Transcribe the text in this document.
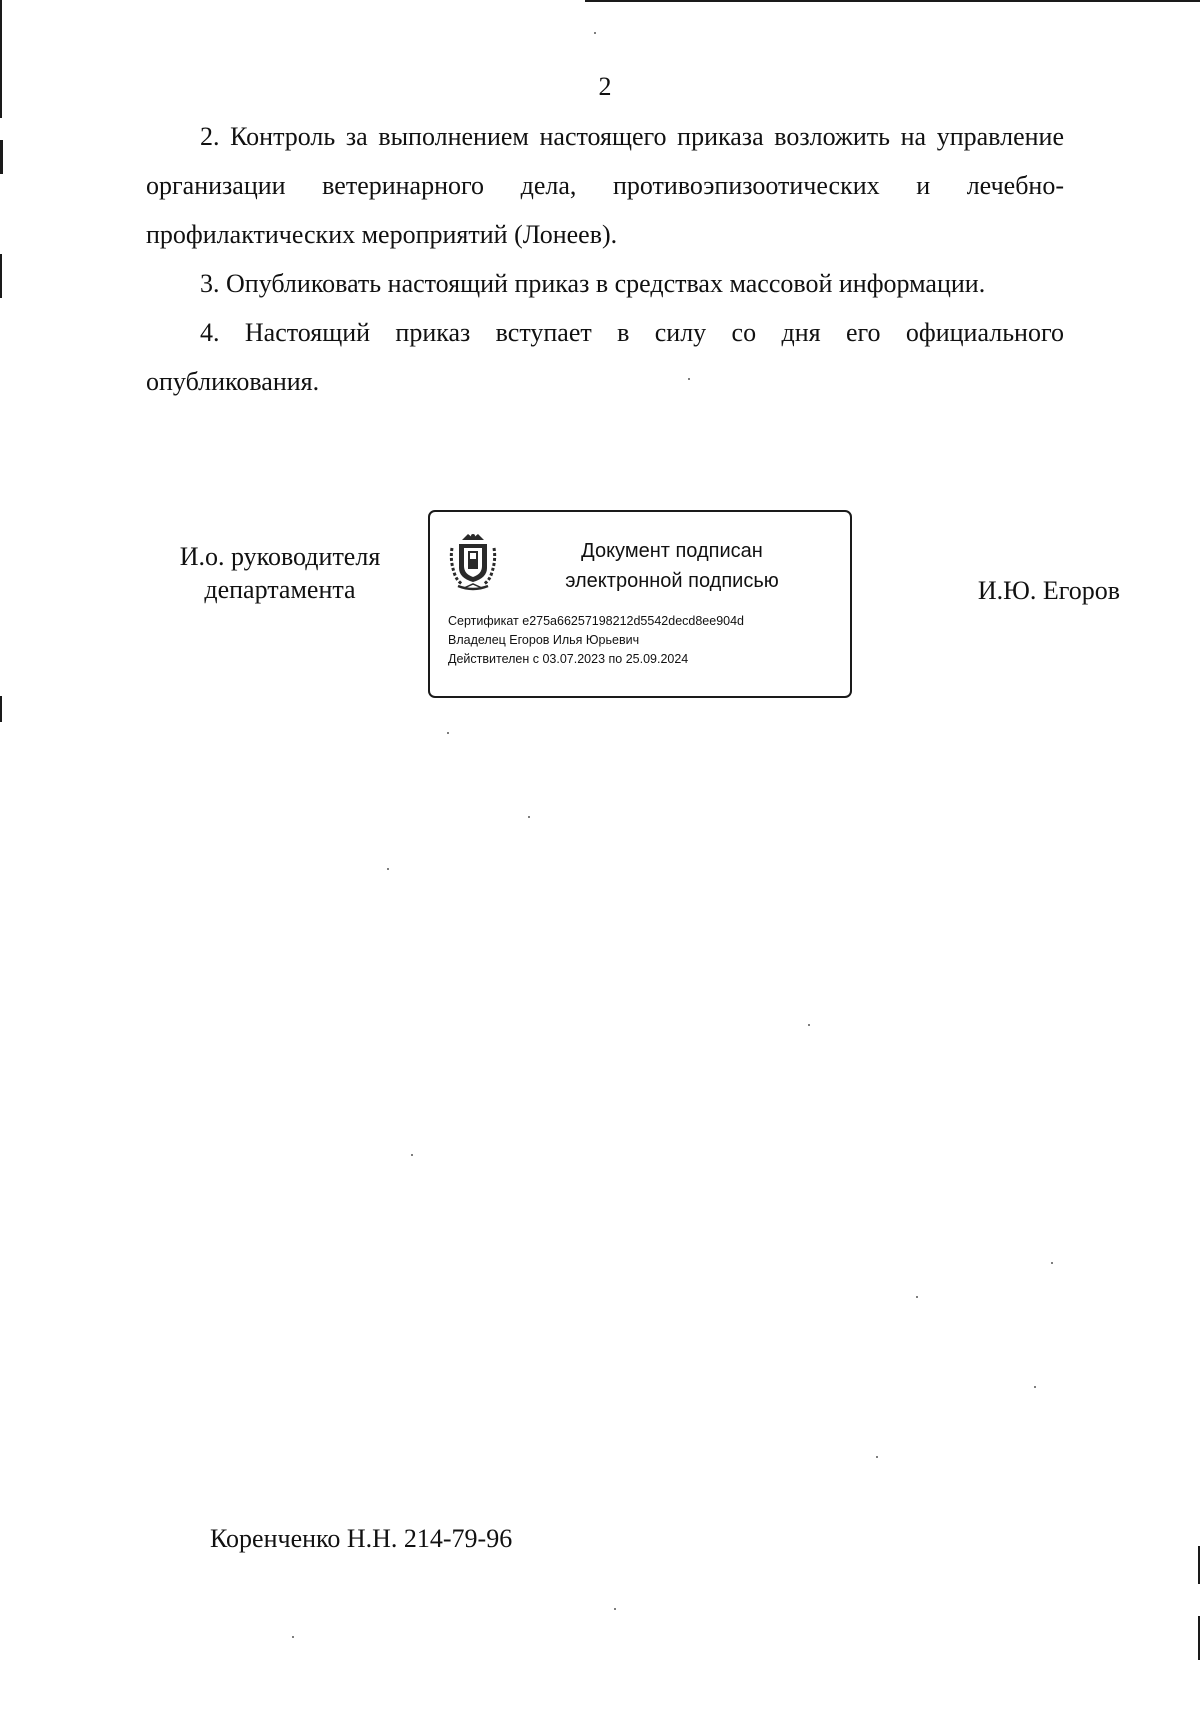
2

2. Контроль за выполнением настоящего приказа возложить на управление организации ветеринарного дела, противоэпизоотических и лечебно-профилактических мероприятий (Лонеев).

3. Опубликовать настоящий приказ в средствах массовой информации.

4. Настоящий приказ вступает в силу со дня его официального опубликования.

И.о. руководителя
департамента
Документ подписан
электронной подписью
Сертификат e275a66257198212d5542decd8ee904d
Владелец Егоров Илья Юрьевич
Действителен с 03.07.2023 по 25.09.2024
И.Ю. Егоров
Коренченко Н.Н. 214-79-96
